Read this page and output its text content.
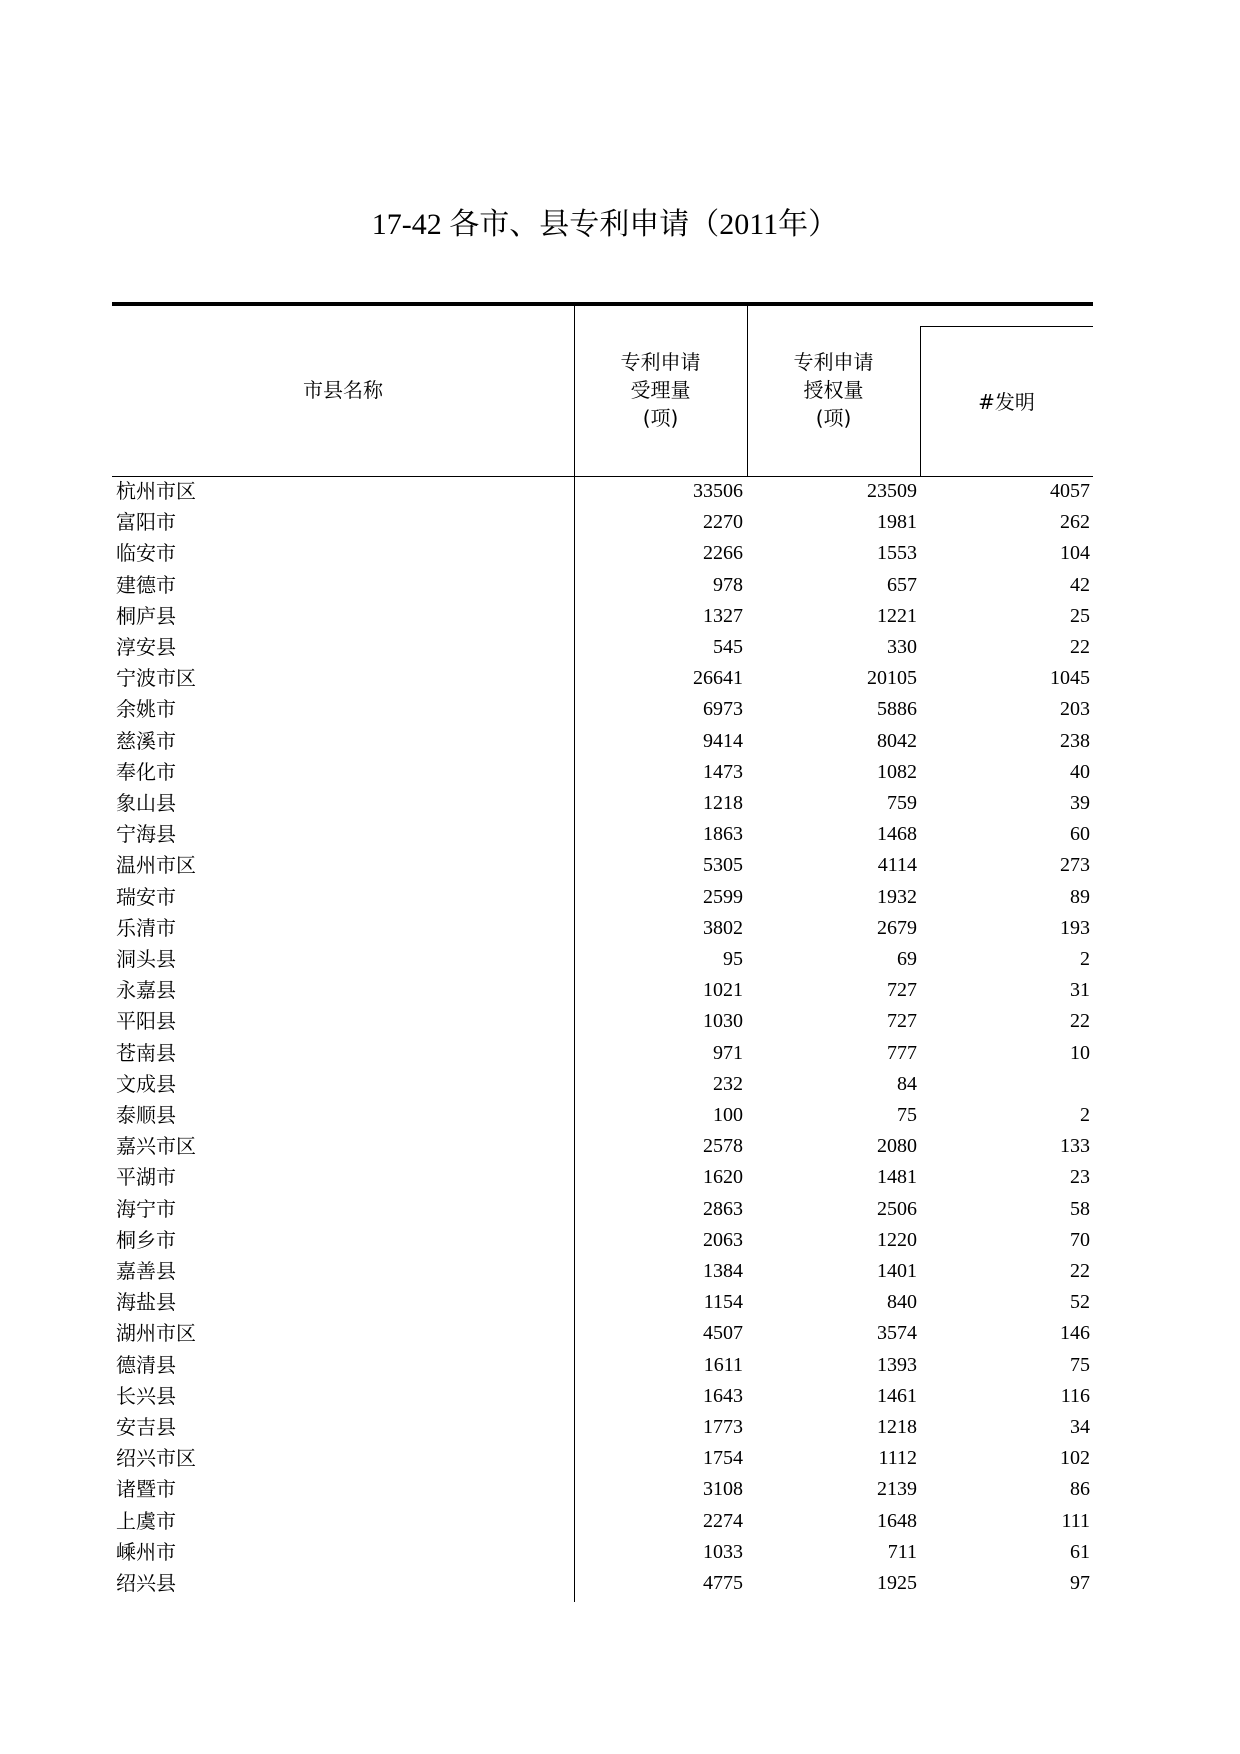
17-42 各市、县专利申请（2011年）
市县名称
专利申请
受理量
(项)
专利申请
授权量
(项)
#发明
杭州市区	33506	23509	4057
富阳市	2270	1981	262
临安市	2266	1553	104
建德市	978	657	42
桐庐县	1327	1221	25
淳安县	545	330	22
宁波市区	26641	20105	1045
余姚市	6973	5886	203
慈溪市	9414	8042	238
奉化市	1473	1082	40
象山县	1218	759	39
宁海县	1863	1468	60
温州市区	5305	4114	273
瑞安市	2599	1932	89
乐清市	3802	2679	193
洞头县	95	69	2
永嘉县	1021	727	31
平阳县	1030	727	22
苍南县	971	777	10
文成县	232	84
泰顺县	100	75	2
嘉兴市区	2578	2080	133
平湖市	1620	1481	23
海宁市	2863	2506	58
桐乡市	2063	1220	70
嘉善县	1384	1401	22
海盐县	1154	840	52
湖州市区	4507	3574	146
德清县	1611	1393	75
长兴县	1643	1461	116
安吉县	1773	1218	34
绍兴市区	1754	1112	102
诸暨市	3108	2139	86
上虞市	2274	1648	111
嵊州市	1033	711	61
绍兴县	4775	1925	97
